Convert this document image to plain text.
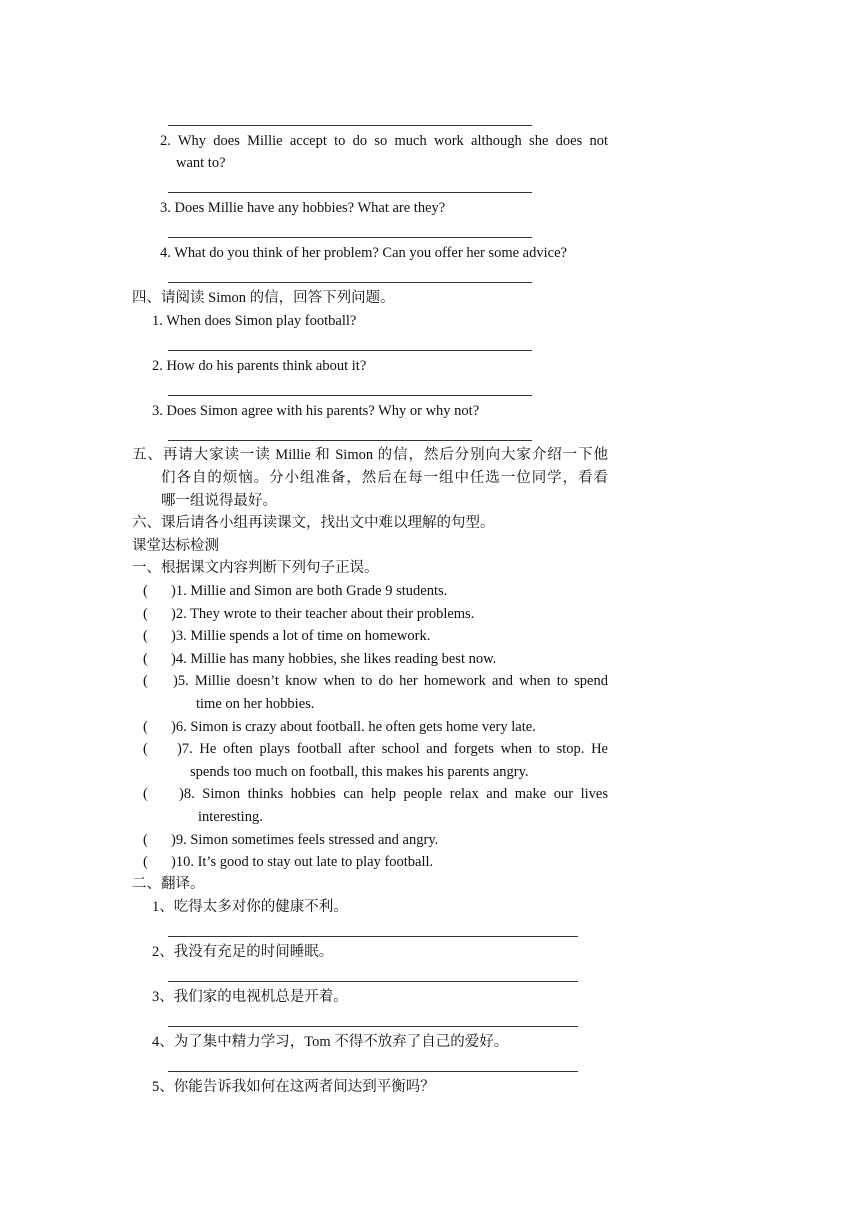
2. Why does Millie accept to do so much work although she does not
want to?
3. Does Millie have any hobbies? What are they?
4. What do you think of her problem? Can you offer her some advice?
四、请阅读 Simon 的信，回答下列问题。
1. When does Simon play football?
2. How do his parents think about it?
3. Does Simon agree with his parents? Why or why not?
五、再请大家读一读 Millie 和 Simon 的信，然后分别向大家介绍一下他
们各自的烦恼。分小组准备，然后在每一组中任选一位同学，看看
哪一组说得最好。
六、课后请各小组再读课文，找出文中难以理解的句型。
课堂达标检测
一、根据课文内容判断下列句子正误。
( )1. Millie and Simon are both Grade 9 students.
( )2. They wrote to their teacher about their problems.
( )3. Millie spends a lot of time on homework.
( )4. Millie has many hobbies, she likes reading best now.
( )5. Millie doesn’t know when to do her homework and when to spend
time on her hobbies.
( )6. Simon is crazy about football. he often gets home very late.
( )7. He often plays football after school and forgets when to stop. He
spends too much on football, this makes his parents angry.
( )8. Simon thinks hobbies can help people relax and make our lives
interesting.
( )9. Simon sometimes feels stressed and angry.
( )10. It’s good to stay out late to play football.
二、翻译。
1、吃得太多对你的健康不利。
2、我没有充足的时间睡眠。
3、我们家的电视机总是开着。
4、为了集中精力学习，Tom 不得不放弃了自己的爱好。
5、你能告诉我如何在这两者间达到平衡吗？
